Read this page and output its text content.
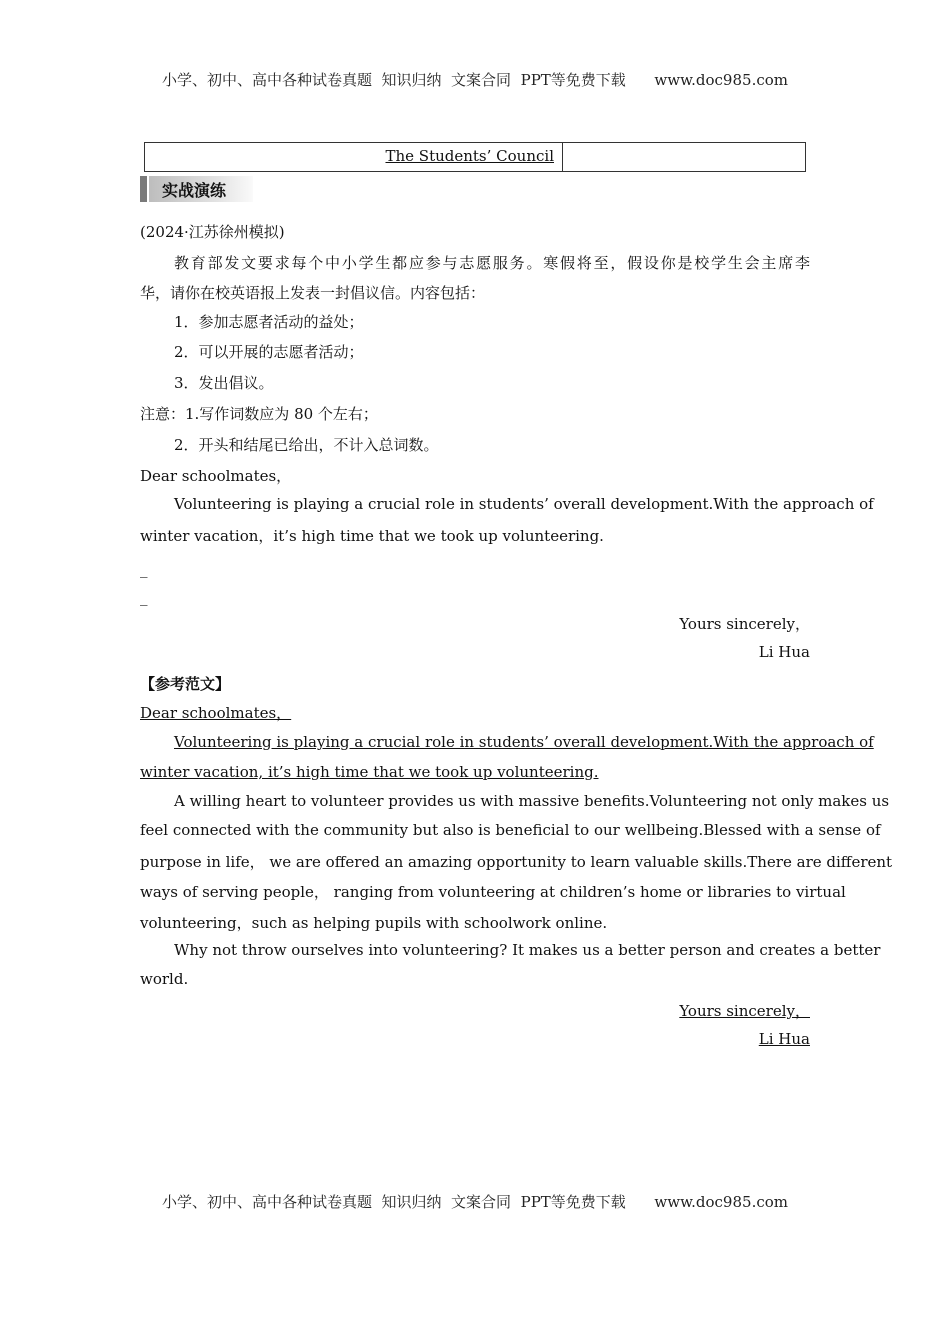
小学、初中、高中各种试卷真题  知识归纳  文案合同  PPT等免费下载      www.doc985.com
The Students’ Council
实战演练
(2024·江苏徐州模拟)
教育部发文要求每个中小学生都应参与志愿服务。寒假将至，假设你是校学生会主席李
华，请你在校英语报上发表一封倡议信。内容包括：
1．参加志愿者活动的益处；
2．可以开展的志愿者活动；
3．发出倡议。
注意：1.写作词数应为 80 个左右；
2．开头和结尾已给出，不计入总词数。
Dear schoolmates，
Volunteering is playing a crucial role in students’ overall development.With the approach of
winter vacation，it’s high time that we took up volunteering.
_
_
Yours sincerely，
Li Hua
【参考范文】
Dear schoolmates，
Volunteering is playing a crucial role in students’ overall development.With the approach of
winter vacation, it’s high time that we took up volunteering.
A willing heart to volunteer provides us with massive benefits.Volunteering not only makes us
feel connected with the community but also is beneficial to our wellbeing.Blessed with a sense of
purpose in life， we are offered an amazing opportunity to learn valuable skills.There are different
ways of serving people， ranging from volunteering at children’s home or libraries to virtual
volunteering，such as helping pupils with schoolwork online.
Why not throw ourselves into volunteering? It makes us a better person and creates a better
world.
Yours sincerely，
Li Hua
小学、初中、高中各种试卷真题  知识归纳  文案合同  PPT等免费下载      www.doc985.com
